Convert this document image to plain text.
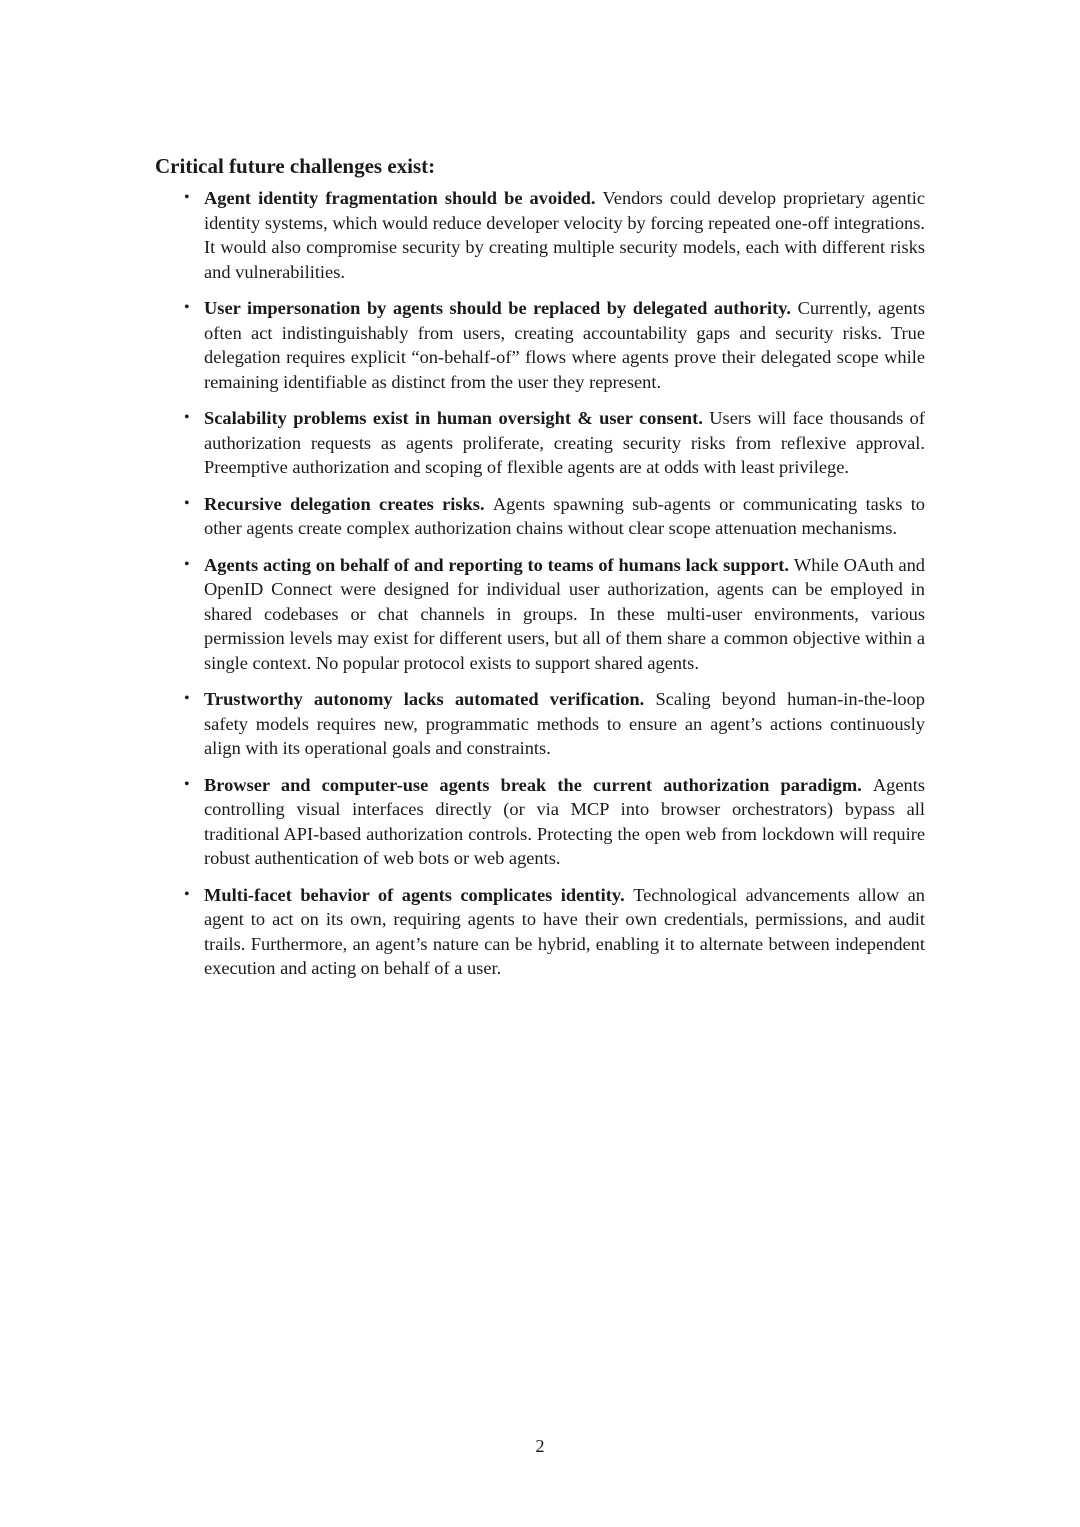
Critical future challenges exist:
• Agent identity fragmentation should be avoided. Vendors could develop proprietary agentic identity systems, which would reduce developer velocity by forcing repeated one-off integrations. It would also compromise security by creating multiple security models, each with different risks and vulnerabilities.
• User impersonation by agents should be replaced by delegated authority. Currently, agents often act indistinguishably from users, creating accountability gaps and security risks. True delegation requires explicit “on-behalf-of” flows where agents prove their delegated scope while remaining identifiable as distinct from the user they represent.
• Scalability problems exist in human oversight & user consent. Users will face thousands of authorization requests as agents proliferate, creating security risks from reflexive approval. Preemptive authorization and scoping of flexible agents are at odds with least privilege.
• Recursive delegation creates risks. Agents spawning sub-agents or communicating tasks to other agents create complex authorization chains without clear scope attenuation mechanisms.
• Agents acting on behalf of and reporting to teams of humans lack support. While OAuth and OpenID Connect were designed for individual user authorization, agents can be employed in shared codebases or chat channels in groups. In these multi-user environments, various permission levels may exist for different users, but all of them share a common objective within a single context. No popular protocol exists to support shared agents.
• Trustworthy autonomy lacks automated verification. Scaling beyond human-in-the-loop safety models requires new, programmatic methods to ensure an agent’s actions continuously align with its operational goals and constraints.
• Browser and computer-use agents break the current authorization paradigm. Agents controlling visual interfaces directly (or via MCP into browser orchestrators) bypass all traditional API-based authorization controls. Protecting the open web from lockdown will require robust authentication of web bots or web agents.
• Multi-facet behavior of agents complicates identity. Technological advancements allow an agent to act on its own, requiring agents to have their own credentials, permissions, and audit trails. Furthermore, an agent’s nature can be hybrid, enabling it to alternate between independent execution and acting on behalf of a user.
2
